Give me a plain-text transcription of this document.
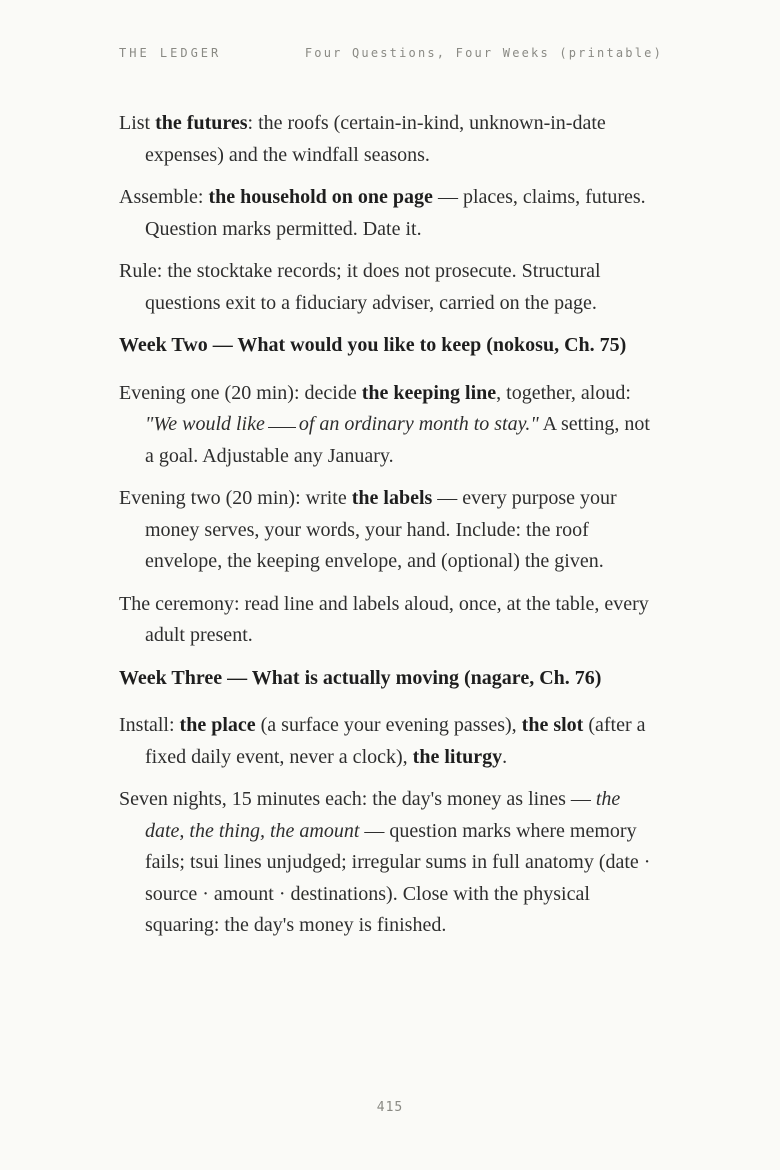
THE LEDGER	Four Questions, Four Weeks (printable)

List the futures: the roofs (certain-in-kind, unknown-in-date expenses) and the windfall seasons.

Assemble: the household on one page — places, claims, futures. Question marks permitted. Date it.

Rule: the stocktake records; it does not prosecute. Structural questions exit to a fiduciary adviser, carried on the page.

Week Two — What would you like to keep (nokosu, Ch. 75)

Evening one (20 min): decide the keeping line, together, aloud: "We would like of an ordinary month to stay." A setting, not a goal. Adjustable any January.

Evening two (20 min): write the labels — every purpose your money serves, your words, your hand. Include: the roof envelope, the keeping envelope, and (optional) the given.

The ceremony: read line and labels aloud, once, at the table, every adult present.

Week Three — What is actually moving (nagare, Ch. 76)

Install: the place (a surface your evening passes), the slot (after a fixed daily event, never a clock), the liturgy.

Seven nights, 15 minutes each: the day's money as lines — the date, the thing, the amount — question marks where memory fails; tsui lines unjudged; irregular sums in full anatomy (date · source · amount · destinations). Close with the physical squaring: the day's money is finished.

415
